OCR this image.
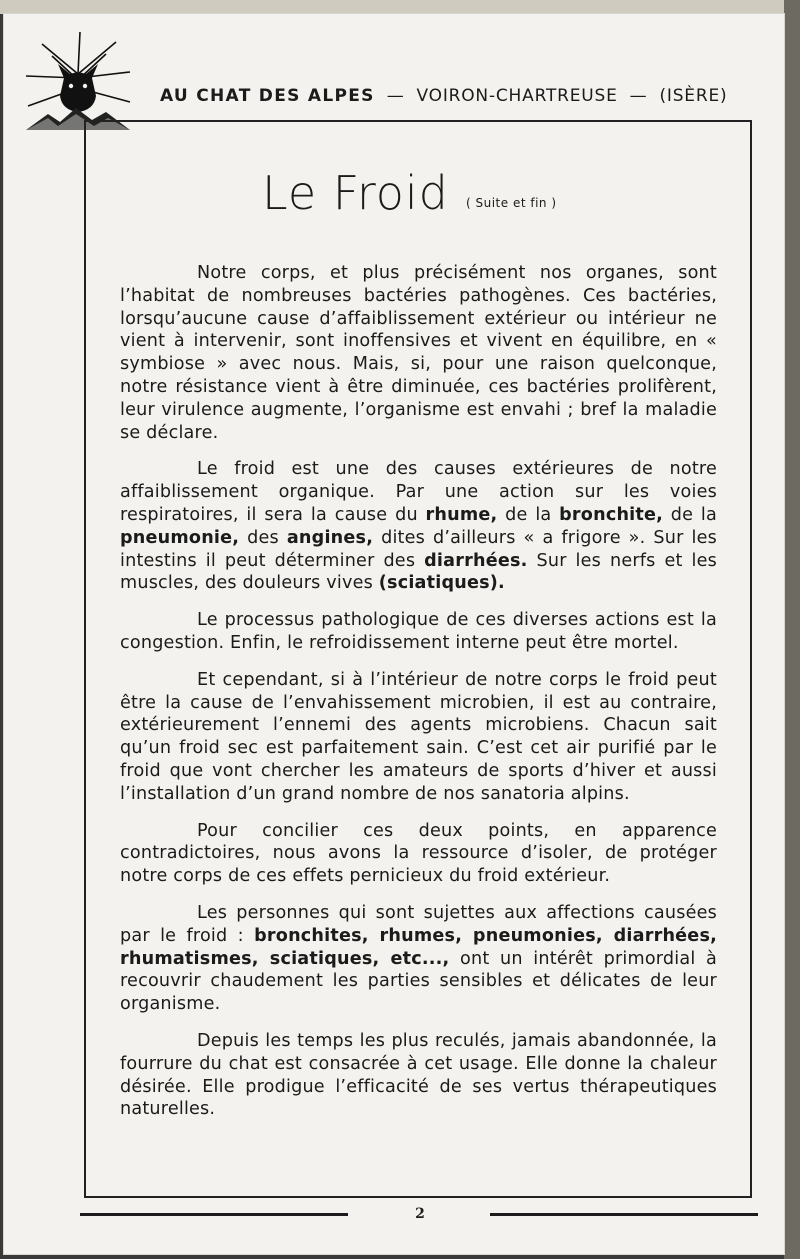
AU CHAT DES ALPES — VOIRON-CHARTREUSE — (ISÈRE)
Le Froid ( Suite et fin )

Notre corps, et plus précisément nos organes, sont l’habitat de nombreuses bactéries pathogènes. Ces bactéries, lorsqu’aucune cause d’affaiblissement extérieur ou intérieur ne vient à intervenir, sont inoffensives et vivent en équilibre, en « symbiose » avec nous. Mais, si, pour une raison quelconque, notre résistance vient à être diminuée, ces bactéries prolifèrent, leur virulence augmente, l’organisme est envahi ; bref la maladie se déclare.

Le froid est une des causes extérieures de notre affaiblissement organique. Par une action sur les voies respiratoires, il sera la cause du rhume, de la bronchite, de la pneumonie, des angines, dites d’ailleurs « a frigore ». Sur les intestins il peut déterminer des diarrhées. Sur les nerfs et les muscles, des douleurs vives (sciatiques).

Le processus pathologique de ces diverses actions est la congestion. Enfin, le refroidissement interne peut être mortel.

Et cependant, si à l’intérieur de notre corps le froid peut être la cause de l’envahissement microbien, il est au contraire, extérieurement l’ennemi des agents microbiens. Chacun sait qu’un froid sec est parfaitement sain. C’est cet air purifié par le froid que vont chercher les amateurs de sports d’hiver et aussi l’installation d’un grand nombre de nos sanatoria alpins.

Pour concilier ces deux points, en apparence contradictoires, nous avons la ressource d’isoler, de protéger notre corps de ces effets pernicieux du froid extérieur.

Les personnes qui sont sujettes aux affections causées par le froid : bronchites, rhumes, pneumonies, diarrhées, rhumatismes, sciatiques, etc..., ont un intérêt primordial à recouvrir chaudement les parties sensibles et délicates de leur organisme.

Depuis les temps les plus reculés, jamais abandonnée, la fourrure du chat est consacrée à cet usage. Elle donne la chaleur désirée. Elle prodigue l’efficacité de ses vertus thérapeutiques naturelles.

2
